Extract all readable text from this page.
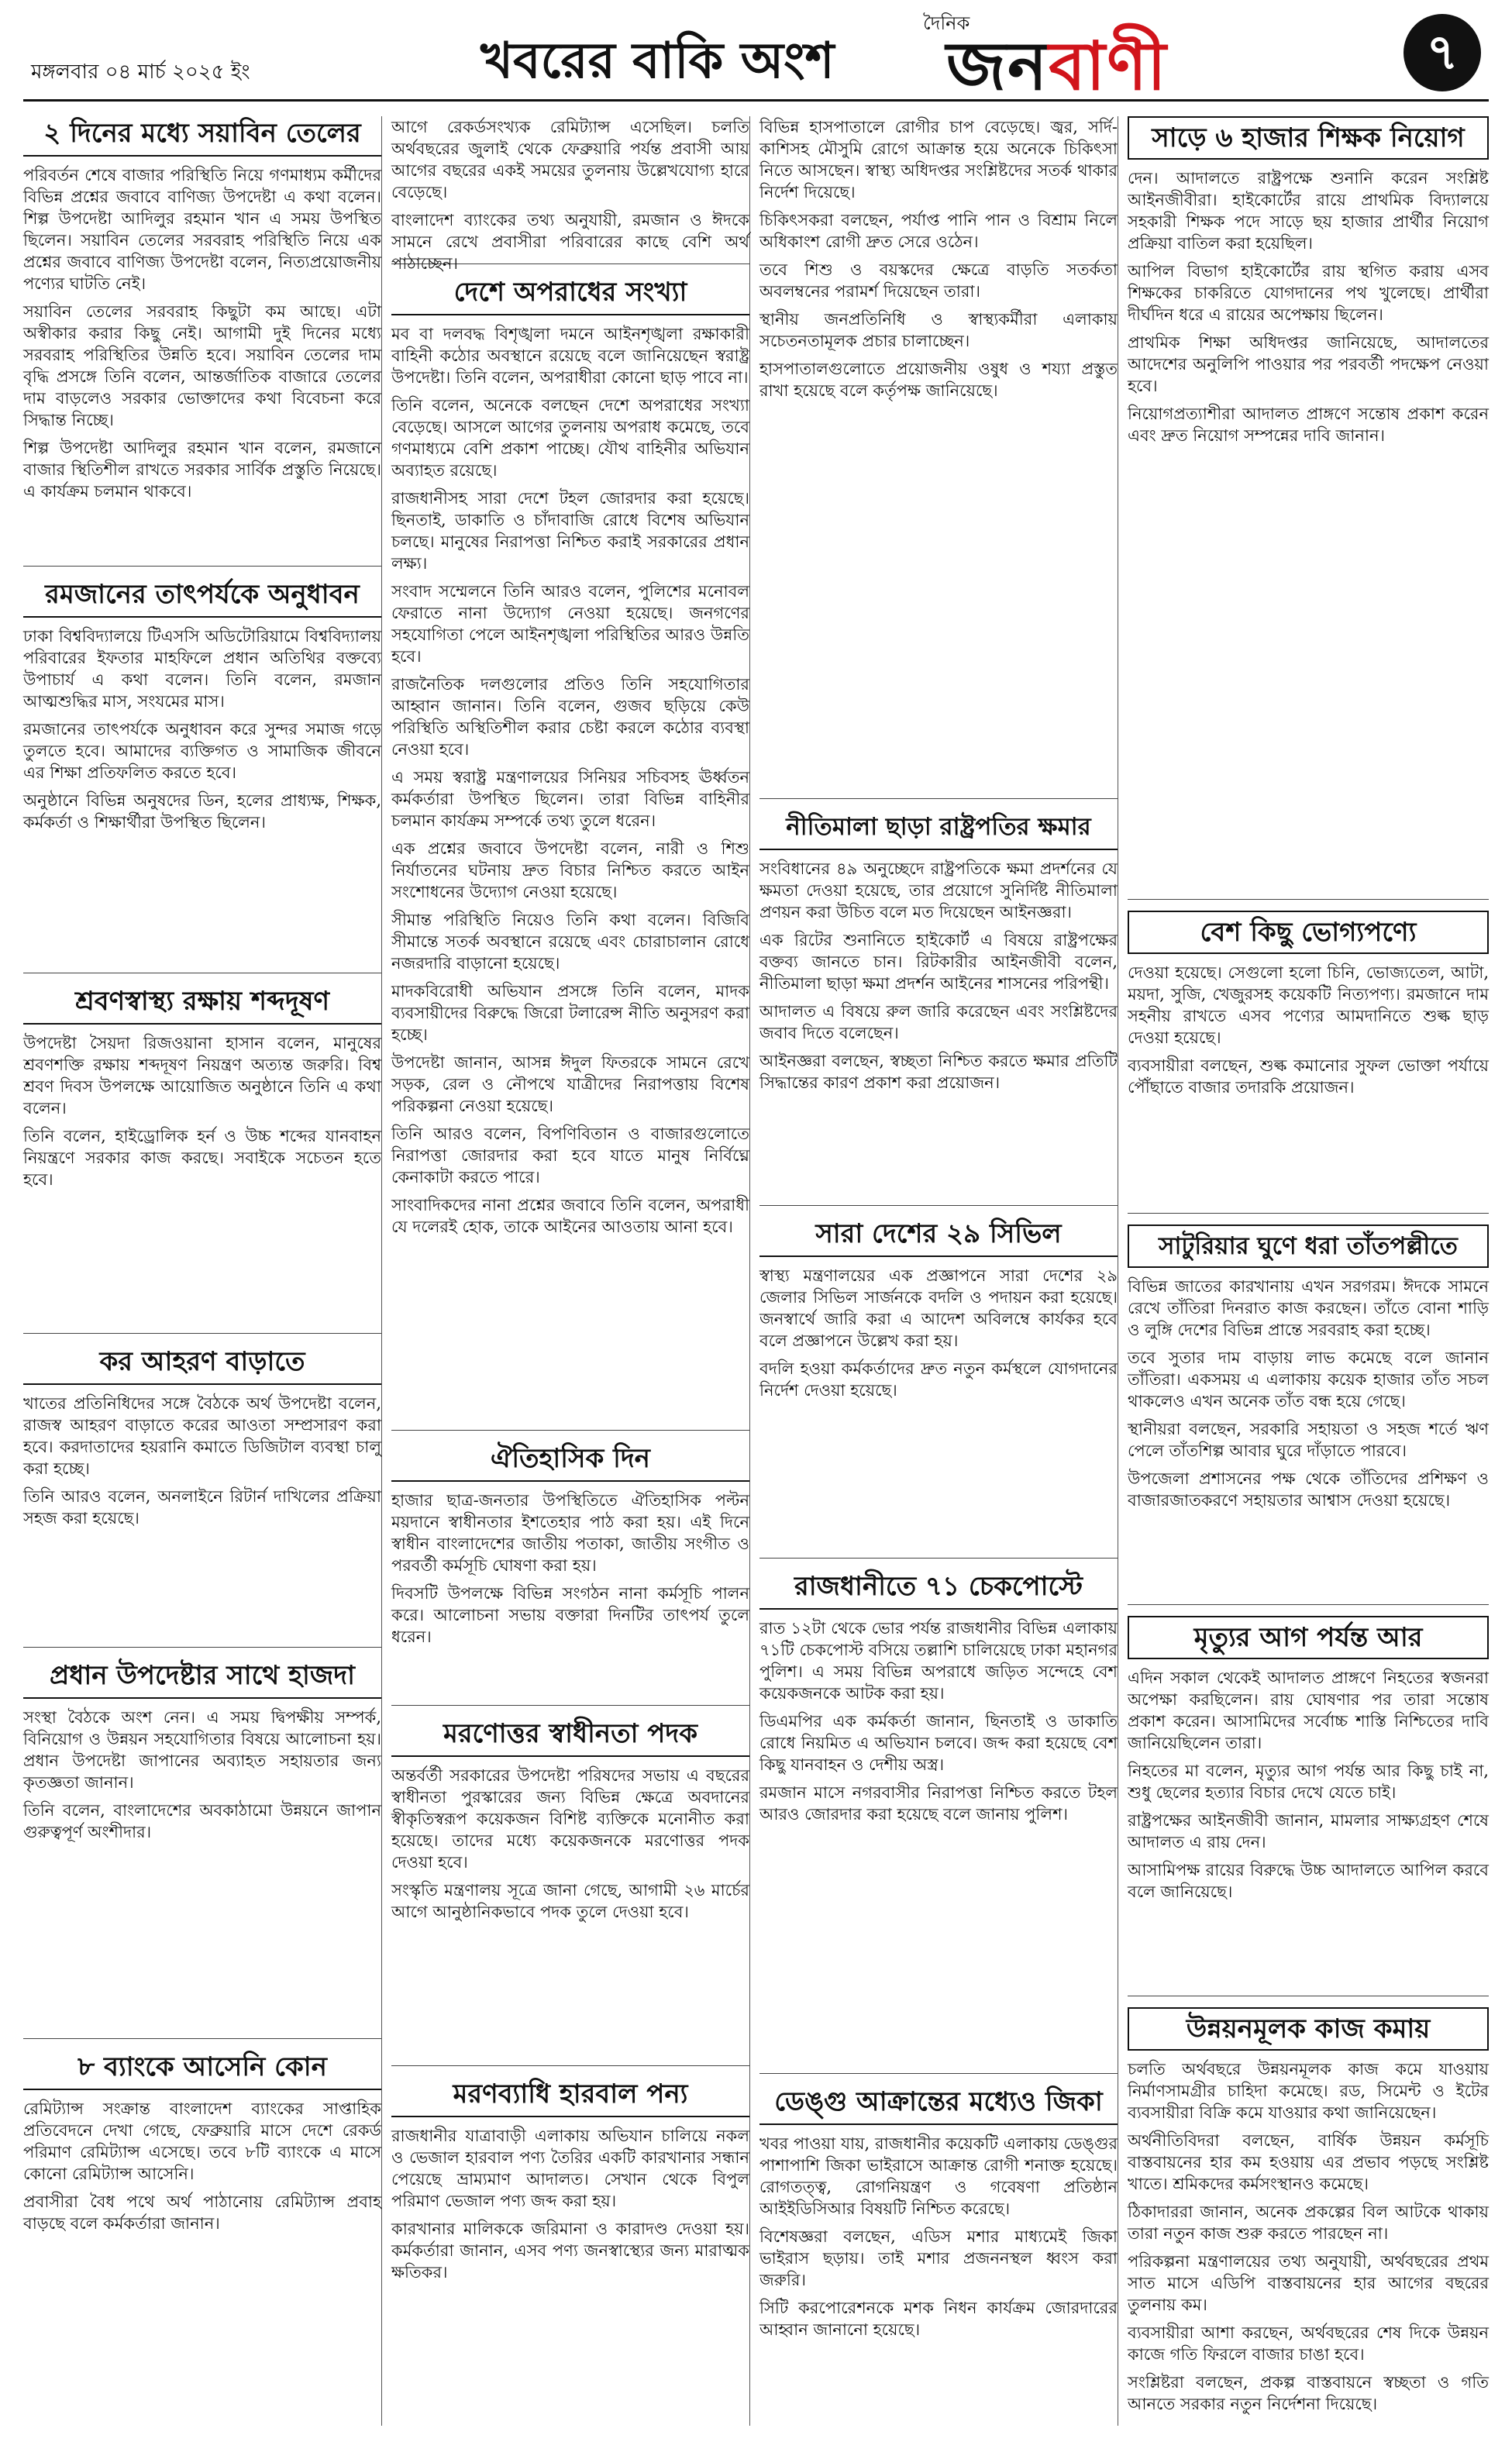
মঙ্গলবার ০৪ মার্চ ২০২৫ ইং	খবরের বাকি অংশ
দৈনিক
জনবাণী	৭
২ দিনের মধ্যে সয়াবিন তেলের

পরিবর্তন শেষে বাজার পরিস্থিতি নিয়ে গণমাধ্যম কর্মীদের বিভিন্ন প্রশ্নের জবাবে বাণিজ্য উপদেষ্টা এ কথা বলেন। শিল্প উপদেষ্টা আদিলুর রহমান খান এ সময় উপস্থিত ছিলেন। সয়াবিন তেলের সরবরাহ পরিস্থিতি নিয়ে এক প্রশ্নের জবাবে বাণিজ্য উপদেষ্টা বলেন, নিত্যপ্রয়োজনীয় পণ্যের ঘাটতি নেই।

সয়াবিন তেলের সরবরাহ কিছুটা কম আছে। এটা অস্বীকার করার কিছু নেই। আগামী দুই দিনের মধ্যে সরবরাহ পরিস্থিতির উন্নতি হবে। সয়াবিন তেলের দাম বৃদ্ধি প্রসঙ্গে তিনি বলেন, আন্তর্জাতিক বাজারে তেলের দাম বাড়লেও সরকার ভোক্তাদের কথা বিবেচনা করে সিদ্ধান্ত নিচ্ছে।

শিল্প উপদেষ্টা আদিলুর রহমান খান বলেন, রমজানে বাজার স্থিতিশীল রাখতে সরকার সার্বিক প্রস্তুতি নিয়েছে। এ কার্যক্রম চলমান থাকবে।

রমজানের তাৎপর্যকে অনুধাবন

ঢাকা বিশ্ববিদ্যালয়ে টিএসসি অডিটোরিয়ামে বিশ্ববিদ্যালয় পরিবারের ইফতার মাহফিলে প্রধান অতিথির বক্তব্যে উপাচার্য এ কথা বলেন। তিনি বলেন, রমজান আত্মশুদ্ধির মাস, সংযমের মাস।

রমজানের তাৎপর্যকে অনুধাবন করে সুন্দর সমাজ গড়ে তুলতে হবে। আমাদের ব্যক্তিগত ও সামাজিক জীবনে এর শিক্ষা প্রতিফলিত করতে হবে।

অনুষ্ঠানে বিভিন্ন অনুষদের ডিন, হলের প্রাধ্যক্ষ, শিক্ষক, কর্মকর্তা ও শিক্ষার্থীরা উপস্থিত ছিলেন।

শ্রবণস্বাস্থ্য রক্ষায় শব্দদূষণ

উপদেষ্টা সৈয়দা রিজওয়ানা হাসান বলেন, মানুষের শ্রবণশক্তি রক্ষায় শব্দদূষণ নিয়ন্ত্রণ অত্যন্ত জরুরি। বিশ্ব শ্রবণ দিবস উপলক্ষে আয়োজিত অনুষ্ঠানে তিনি এ কথা বলেন।

তিনি বলেন, হাইড্রোলিক হর্ন ও উচ্চ শব্দের যানবাহন নিয়ন্ত্রণে সরকার কাজ করছে। সবাইকে সচেতন হতে হবে।

কর আহরণ বাড়াতে

খাতের প্রতিনিধিদের সঙ্গে বৈঠকে অর্থ উপদেষ্টা বলেন, রাজস্ব আহরণ বাড়াতে করের আওতা সম্প্রসারণ করা হবে। করদাতাদের হয়রানি কমাতে ডিজিটাল ব্যবস্থা চালু করা হচ্ছে।

তিনি আরও বলেন, অনলাইনে রিটার্ন দাখিলের প্রক্রিয়া সহজ করা হয়েছে।

প্রধান উপদেষ্টার সাথে হাজদা

সংস্থা বৈঠকে অংশ নেন। এ সময় দ্বিপক্ষীয় সম্পর্ক, বিনিয়োগ ও উন্নয়ন সহযোগিতার বিষয়ে আলোচনা হয়। প্রধান উপদেষ্টা জাপানের অব্যাহত সহায়তার জন্য কৃতজ্ঞতা জানান।

তিনি বলেন, বাংলাদেশের অবকাঠামো উন্নয়নে জাপান গুরুত্বপূর্ণ অংশীদার।

৮ ব্যাংকে আসেনি কোন

রেমিট্যান্স সংক্রান্ত বাংলাদেশ ব্যাংকের সাপ্তাহিক প্রতিবেদনে দেখা গেছে, ফেব্রুয়ারি মাসে দেশে রেকর্ড পরিমাণ রেমিট্যান্স এসেছে। তবে ৮টি ব্যাংকে এ মাসে কোনো রেমিট্যান্স আসেনি।

প্রবাসীরা বৈধ পথে অর্থ পাঠানোয় রেমিট্যান্স প্রবাহ বাড়ছে বলে কর্মকর্তারা জানান।

আগে রেকর্ডসংখ্যক রেমিট্যান্স এসেছিল। চলতি অর্থবছরের জুলাই থেকে ফেব্রুয়ারি পর্যন্ত প্রবাসী আয় আগের বছরের একই সময়ের তুলনায় উল্লেখযোগ্য হারে বেড়েছে।

বাংলাদেশ ব্যাংকের তথ্য অনুযায়ী, রমজান ও ঈদকে সামনে রেখে প্রবাসীরা পরিবারের কাছে বেশি অর্থ পাঠাচ্ছেন।

দেশে অপরাধের সংখ্যা

মব বা দলবদ্ধ বিশৃঙ্খলা দমনে আইনশৃঙ্খলা রক্ষাকারী বাহিনী কঠোর অবস্থানে রয়েছে বলে জানিয়েছেন স্বরাষ্ট্র উপদেষ্টা। তিনি বলেন, অপরাধীরা কোনো ছাড় পাবে না।

তিনি বলেন, অনেকে বলছেন দেশে অপরাধের সংখ্যা বেড়েছে। আসলে আগের তুলনায় অপরাধ কমেছে, তবে গণমাধ্যমে বেশি প্রকাশ পাচ্ছে। যৌথ বাহিনীর অভিযান অব্যাহত রয়েছে।

রাজধানীসহ সারা দেশে টহল জোরদার করা হয়েছে। ছিনতাই, ডাকাতি ও চাঁদাবাজি রোধে বিশেষ অভিযান চলছে। মানুষের নিরাপত্তা নিশ্চিত করাই সরকারের প্রধান লক্ষ্য।

সংবাদ সম্মেলনে তিনি আরও বলেন, পুলিশের মনোবল ফেরাতে নানা উদ্যোগ নেওয়া হয়েছে। জনগণের সহযোগিতা পেলে আইনশৃঙ্খলা পরিস্থিতির আরও উন্নতি হবে।

রাজনৈতিক দলগুলোর প্রতিও তিনি সহযোগিতার আহ্বান জানান। তিনি বলেন, গুজব ছড়িয়ে কেউ পরিস্থিতি অস্থিতিশীল করার চেষ্টা করলে কঠোর ব্যবস্থা নেওয়া হবে।

এ সময় স্বরাষ্ট্র মন্ত্রণালয়ের সিনিয়র সচিবসহ ঊর্ধ্বতন কর্মকর্তারা উপস্থিত ছিলেন। তারা বিভিন্ন বাহিনীর চলমান কার্যক্রম সম্পর্কে তথ্য তুলে ধরেন।

এক প্রশ্নের জবাবে উপদেষ্টা বলেন, নারী ও শিশু নির্যাতনের ঘটনায় দ্রুত বিচার নিশ্চিত করতে আইন সংশোধনের উদ্যোগ নেওয়া হয়েছে।

সীমান্ত পরিস্থিতি নিয়েও তিনি কথা বলেন। বিজিবি সীমান্তে সতর্ক অবস্থানে রয়েছে এবং চোরাচালান রোধে নজরদারি বাড়ানো হয়েছে।

মাদকবিরোধী অভিযান প্রসঙ্গে তিনি বলেন, মাদক ব্যবসায়ীদের বিরুদ্ধে জিরো টলারেন্স নীতি অনুসরণ করা হচ্ছে।

উপদেষ্টা জানান, আসন্ন ঈদুল ফিতরকে সামনে রেখে সড়ক, রেল ও নৌপথে যাত্রীদের নিরাপত্তায় বিশেষ পরিকল্পনা নেওয়া হয়েছে।

তিনি আরও বলেন, বিপণিবিতান ও বাজারগুলোতে নিরাপত্তা জোরদার করা হবে যাতে মানুষ নির্বিঘ্নে কেনাকাটা করতে পারে।

সাংবাদিকদের নানা প্রশ্নের জবাবে তিনি বলেন, অপরাধী যে দলেরই হোক, তাকে আইনের আওতায় আনা হবে।

ঐতিহাসিক দিন

হাজার ছাত্র-জনতার উপস্থিতিতে ঐতিহাসিক পল্টন ময়দানে স্বাধীনতার ইশতেহার পাঠ করা হয়। এই দিনে স্বাধীন বাংলাদেশের জাতীয় পতাকা, জাতীয় সংগীত ও পরবর্তী কর্মসূচি ঘোষণা করা হয়।

দিবসটি উপলক্ষে বিভিন্ন সংগঠন নানা কর্মসূচি পালন করে। আলোচনা সভায় বক্তারা দিনটির তাৎপর্য তুলে ধরেন।

মরণোত্তর স্বাধীনতা পদক

অন্তর্বর্তী সরকারের উপদেষ্টা পরিষদের সভায় এ বছরের স্বাধীনতা পুরস্কারের জন্য বিভিন্ন ক্ষেত্রে অবদানের স্বীকৃতিস্বরূপ কয়েকজন বিশিষ্ট ব্যক্তিকে মনোনীত করা হয়েছে। তাদের মধ্যে কয়েকজনকে মরণোত্তর পদক দেওয়া হবে।

সংস্কৃতি মন্ত্রণালয় সূত্রে জানা গেছে, আগামী ২৬ মার্চের আগে আনুষ্ঠানিকভাবে পদক তুলে দেওয়া হবে।

মরণব্যাধি হারবাল পন্য

রাজধানীর যাত্রাবাড়ী এলাকায় অভিযান চালিয়ে নকল ও ভেজাল হারবাল পণ্য তৈরির একটি কারখানার সন্ধান পেয়েছে ভ্রাম্যমাণ আদালত। সেখান থেকে বিপুল পরিমাণ ভেজাল পণ্য জব্দ করা হয়।

কারখানার মালিককে জরিমানা ও কারাদণ্ড দেওয়া হয়। কর্মকর্তারা জানান, এসব পণ্য জনস্বাস্থ্যের জন্য মারাত্মক ক্ষতিকর।

বিভিন্ন হাসপাতালে রোগীর চাপ বেড়েছে। জ্বর, সর্দি-কাশিসহ মৌসুমি রোগে আক্রান্ত হয়ে অনেকে চিকিৎসা নিতে আসছেন। স্বাস্থ্য অধিদপ্তর সংশ্লিষ্টদের সতর্ক থাকার নির্দেশ দিয়েছে।

চিকিৎসকরা বলছেন, পর্যাপ্ত পানি পান ও বিশ্রাম নিলে অধিকাংশ রোগী দ্রুত সেরে ওঠেন।

তবে শিশু ও বয়স্কদের ক্ষেত্রে বাড়তি সতর্কতা অবলম্বনের পরামর্শ দিয়েছেন তারা।

স্থানীয় জনপ্রতিনিধি ও স্বাস্থ্যকর্মীরা এলাকায় সচেতনতামূলক প্রচার চালাচ্ছেন।

হাসপাতালগুলোতে প্রয়োজনীয় ওষুধ ও শয্যা প্রস্তুত রাখা হয়েছে বলে কর্তৃপক্ষ জানিয়েছে।

নীতিমালা ছাড়া রাষ্ট্রপতির ক্ষমার

সংবিধানের ৪৯ অনুচ্ছেদে রাষ্ট্রপতিকে ক্ষমা প্রদর্শনের যে ক্ষমতা দেওয়া হয়েছে, তার প্রয়োগে সুনির্দিষ্ট নীতিমালা প্রণয়ন করা উচিত বলে মত দিয়েছেন আইনজ্ঞরা।

এক রিটের শুনানিতে হাইকোর্ট এ বিষয়ে রাষ্ট্রপক্ষের বক্তব্য জানতে চান। রিটকারীর আইনজীবী বলেন, নীতিমালা ছাড়া ক্ষমা প্রদর্শন আইনের শাসনের পরিপন্থী।

আদালত এ বিষয়ে রুল জারি করেছেন এবং সংশ্লিষ্টদের জবাব দিতে বলেছেন।

আইনজ্ঞরা বলছেন, স্বচ্ছতা নিশ্চিত করতে ক্ষমার প্রতিটি সিদ্ধান্তের কারণ প্রকাশ করা প্রয়োজন।

সারা দেশের ২৯ সিভিল

স্বাস্থ্য মন্ত্রণালয়ের এক প্রজ্ঞাপনে সারা দেশের ২৯ জেলার সিভিল সার্জনকে বদলি ও পদায়ন করা হয়েছে। জনস্বার্থে জারি করা এ আদেশ অবিলম্বে কার্যকর হবে বলে প্রজ্ঞাপনে উল্লেখ করা হয়।

বদলি হওয়া কর্মকর্তাদের দ্রুত নতুন কর্মস্থলে যোগদানের নির্দেশ দেওয়া হয়েছে।

রাজধানীতে ৭১ চেকপোস্টে

রাত ১২টা থেকে ভোর পর্যন্ত রাজধানীর বিভিন্ন এলাকায় ৭১টি চেকপোস্ট বসিয়ে তল্লাশি চালিয়েছে ঢাকা মহানগর পুলিশ। এ সময় বিভিন্ন অপরাধে জড়িত সন্দেহে বেশ কয়েকজনকে আটক করা হয়।

ডিএমপির এক কর্মকর্তা জানান, ছিনতাই ও ডাকাতি রোধে নিয়মিত এ অভিযান চলবে। জব্দ করা হয়েছে বেশ কিছু যানবাহন ও দেশীয় অস্ত্র।

রমজান মাসে নগরবাসীর নিরাপত্তা নিশ্চিত করতে টহল আরও জোরদার করা হয়েছে বলে জানায় পুলিশ।

ডেঙ্গু আক্রান্তের মধ্যেও জিকা

খবর পাওয়া যায়, রাজধানীর কয়েকটি এলাকায় ডেঙ্গুর পাশাপাশি জিকা ভাইরাসে আক্রান্ত রোগী শনাক্ত হয়েছে। রোগতত্ত্ব, রোগনিয়ন্ত্রণ ও গবেষণা প্রতিষ্ঠান আইইডিসিআর বিষয়টি নিশ্চিত করেছে।

বিশেষজ্ঞরা বলছেন, এডিস মশার মাধ্যমেই জিকা ভাইরাস ছড়ায়। তাই মশার প্রজননস্থল ধ্বংস করা জরুরি।

সিটি করপোরেশনকে মশক নিধন কার্যক্রম জোরদারের আহ্বান জানানো হয়েছে।

সাড়ে ৬ হাজার শিক্ষক নিয়োগ

দেন। আদালতে রাষ্ট্রপক্ষে শুনানি করেন সংশ্লিষ্ট আইনজীবীরা। হাইকোর্টের রায়ে প্রাথমিক বিদ্যালয়ে সহকারী শিক্ষক পদে সাড়ে ছয় হাজার প্রার্থীর নিয়োগ প্রক্রিয়া বাতিল করা হয়েছিল।

আপিল বিভাগ হাইকোর্টের রায় স্থগিত করায় এসব শিক্ষকের চাকরিতে যোগদানের পথ খুলেছে। প্রার্থীরা দীর্ঘদিন ধরে এ রায়ের অপেক্ষায় ছিলেন।

প্রাথমিক শিক্ষা অধিদপ্তর জানিয়েছে, আদালতের আদেশের অনুলিপি পাওয়ার পর পরবর্তী পদক্ষেপ নেওয়া হবে।

নিয়োগপ্রত্যাশীরা আদালত প্রাঙ্গণে সন্তোষ প্রকাশ করেন এবং দ্রুত নিয়োগ সম্পন্নের দাবি জানান।

বেশ কিছু ভোগ্যপণ্যে

দেওয়া হয়েছে। সেগুলো হলো চিনি, ভোজ্যতেল, আটা, ময়দা, সুজি, খেজুরসহ কয়েকটি নিত্যপণ্য। রমজানে দাম সহনীয় রাখতে এসব পণ্যের আমদানিতে শুল্ক ছাড় দেওয়া হয়েছে।

ব্যবসায়ীরা বলছেন, শুল্ক কমানোর সুফল ভোক্তা পর্যায়ে পৌঁছাতে বাজার তদারকি প্রয়োজন।

সাটুরিয়ার ঘুণে ধরা তাঁতপল্লীতে

বিভিন্ন জাতের কারখানায় এখন সরগরম। ঈদকে সামনে রেখে তাঁতিরা দিনরাত কাজ করছেন। তাঁতে বোনা শাড়ি ও লুঙ্গি দেশের বিভিন্ন প্রান্তে সরবরাহ করা হচ্ছে।

তবে সুতার দাম বাড়ায় লাভ কমেছে বলে জানান তাঁতিরা। একসময় এ এলাকায় কয়েক হাজার তাঁত সচল থাকলেও এখন অনেক তাঁত বন্ধ হয়ে গেছে।

স্থানীয়রা বলছেন, সরকারি সহায়তা ও সহজ শর্তে ঋণ পেলে তাঁতশিল্প আবার ঘুরে দাঁড়াতে পারবে।

উপজেলা প্রশাসনের পক্ষ থেকে তাঁতিদের প্রশিক্ষণ ও বাজারজাতকরণে সহায়তার আশ্বাস দেওয়া হয়েছে।

মৃত্যুর আগ পর্যন্ত আর

এদিন সকাল থেকেই আদালত প্রাঙ্গণে নিহতের স্বজনরা অপেক্ষা করছিলেন। রায় ঘোষণার পর তারা সন্তোষ প্রকাশ করেন। আসামিদের সর্বোচ্চ শাস্তি নিশ্চিতের দাবি জানিয়েছিলেন তারা।

নিহতের মা বলেন, মৃত্যুর আগ পর্যন্ত আর কিছু চাই না, শুধু ছেলের হত্যার বিচার দেখে যেতে চাই।

রাষ্ট্রপক্ষের আইনজীবী জানান, মামলার সাক্ষ্যগ্রহণ শেষে আদালত এ রায় দেন।

আসামিপক্ষ রায়ের বিরুদ্ধে উচ্চ আদালতে আপিল করবে বলে জানিয়েছে।

উন্নয়নমূলক কাজ কমায়

চলতি অর্থবছরে উন্নয়নমূলক কাজ কমে যাওয়ায় নির্মাণসামগ্রীর চাহিদা কমেছে। রড, সিমেন্ট ও ইটের ব্যবসায়ীরা বিক্রি কমে যাওয়ার কথা জানিয়েছেন।

অর্থনীতিবিদরা বলছেন, বার্ষিক উন্নয়ন কর্মসূচি বাস্তবায়নের হার কম হওয়ায় এর প্রভাব পড়ছে সংশ্লিষ্ট খাতে। শ্রমিকদের কর্মসংস্থানও কমেছে।

ঠিকাদাররা জানান, অনেক প্রকল্পের বিল আটকে থাকায় তারা নতুন কাজ শুরু করতে পারছেন না।

পরিকল্পনা মন্ত্রণালয়ের তথ্য অনুযায়ী, অর্থবছরের প্রথম সাত মাসে এডিপি বাস্তবায়নের হার আগের বছরের তুলনায় কম।

ব্যবসায়ীরা আশা করছেন, অর্থবছরের শেষ দিকে উন্নয়ন কাজে গতি ফিরলে বাজার চাঙা হবে।

সংশ্লিষ্টরা বলছেন, প্রকল্প বাস্তবায়নে স্বচ্ছতা ও গতি আনতে সরকার নতুন নির্দেশনা দিয়েছে।
